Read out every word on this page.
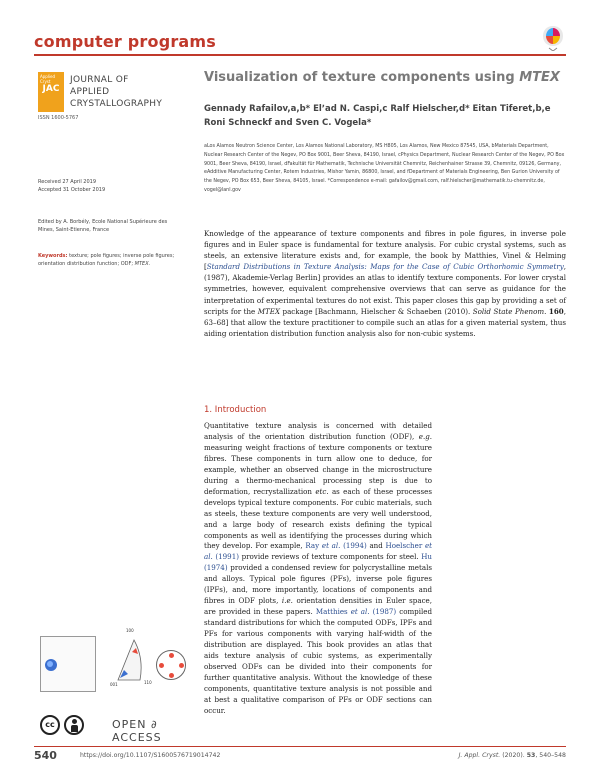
computer programs
Applied Cryst
JAC
JOURNAL OF
APPLIED
CRYSTALLOGRAPHY
ISSN 1600-5767
Received 27 April 2019
Accepted 31 October 2019
Edited by A. Borbély, Ecole National Supérieure des Mines, Saint-Etienne, France
Keywords: texture; pole figures; inverse pole figures; orientation distribution function; ODF; MTEX.
Visualization of texture components using MTEX
Gennady Rafailov,a,b* Elʼad N. Caspi,c Ralf Hielscher,d* Eitan Tiferet,b,e Roni Schneckf and Sven C. Vogela*
aLos Alamos Neutron Science Center, Los Alamos National Laboratory, MS H805, Los Alamos, New Mexico 87545, USA, bMaterials Department, Nuclear Research Center of the Negev, PO Box 9001, Beer Sheva, 84190, Israel, cPhysics Department, Nuclear Research Center of the Negev, PO Box 9001, Beer Sheva, 84190, Israel, dFakultät für Mathematik, Technische Universität Chemnitz, Reichenhainer Strasse 39, Chemnitz, 09126, Germany, eAdditive Manufacturing Center, Rotem Industries, Mishor Yamin, 86800, Israel, and fDepartment of Materials Engineering, Ben Gurion University of the Negev, PO Box 653, Beer Sheva, 84105, Israel. *Correspondence e-mail: gafailov@gmail.com, ralf.hielscher@mathematik.tu-chemnitz.de, vogel@lanl.gov
Knowledge of the appearance of texture components and fibres in pole figures, in inverse pole figures and in Euler space is fundamental for texture analysis. For cubic crystal systems, such as steels, an extensive literature exists and, for example, the book by Matthies, Vinel & Helming [Standard Distributions in Texture Analysis: Maps for the Case of Cubic Orthorhomic Symmetry, (1987), Akademie-Verlag Berlin] provides an atlas to identify texture components. For lower crystal symmetries, however, equivalent comprehensive overviews that can serve as guidance for the interpretation of experimental textures do not exist. This paper closes this gap by providing a set of scripts for the MTEX package [Bachmann, Hielscher & Schaeben (2010). Solid State Phenom. 160, 63–68] that allow the texture practitioner to compile such an atlas for a given material system, thus aiding orientation distribution function analysis also for non-cubic systems.
1. Introduction

Quantitative texture analysis is concerned with detailed analysis of the orientation distribution function (ODF), e.g. measuring weight fractions of texture components or texture fibres. These components in turn allow one to deduce, for example, whether an observed change in the microstructure during a thermo-mechanical processing step is due to deformation, recrystallization etc. as each of these processes develops typical texture components. For cubic materials, such as steels, these texture components are very well understood, and a large body of research exists defining the typical components as well as identifying the processes during which they develop. For example, Ray et al. (1994) and Hoelscher et al. (1991) provide reviews of texture components for steel. Hu (1974) provided a condensed review for polycrystalline metals and alloys. Typical pole figures (PFs), inverse pole figures (IPFs), and, more importantly, locations of components and fibres in ODF plots, i.e. orientation densities in Euler space, are provided in these papers. Matthies et al. (1987) compiled standard distributions for which the computed ODFs, IPFs and PFs for various components with varying half-width of the distribution are displayed. This book provides an atlas that aids texture analysis of cubic systems, as experimentally observed ODFs can be divided into their components for further quantitative analysis. Without the knowledge of these components, quantitative texture analysis is not possible and at best a qualitative comparison of PFs or ODF sections can occur.

100
001	110
cc	OPEN ∂ ACCESS
540	https://doi.org/10.1107/S1600576719014742	J. Appl. Cryst. (2020). 53, 540–548
